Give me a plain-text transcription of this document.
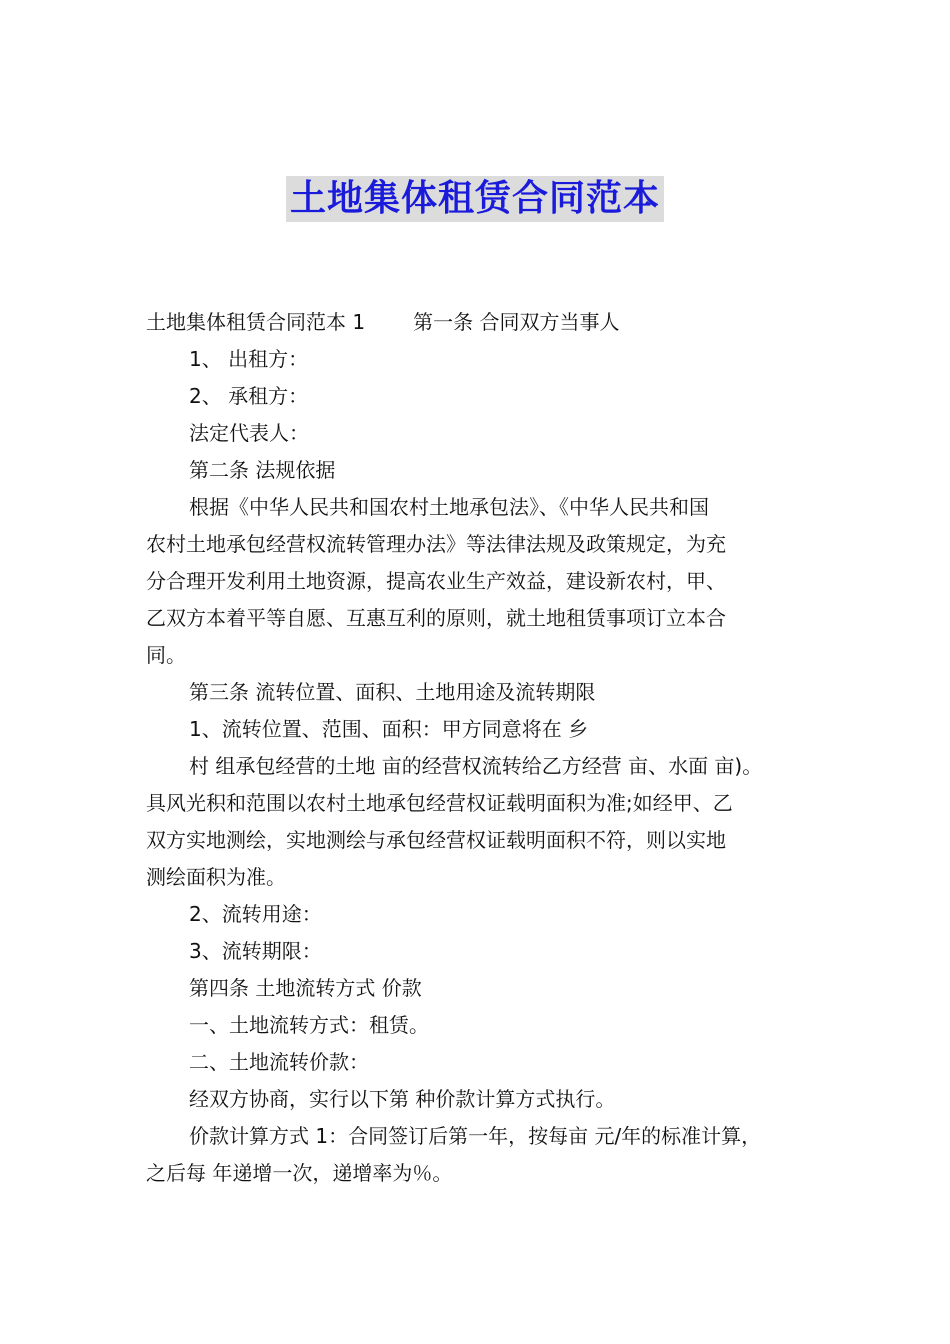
土地集体租赁合同范本
土地集体租赁合同范本 1 第一条 合同双方当事人
1、 出租方：
2、 承租方：
法定代表人：
第二条 法规依据
根据《中华人民共和国农村土地承包法》、《中华人民共和国
农村土地承包经营权流转管理办法》等法律法规及政策规定，为充
分合理开发利用土地资源，提高农业生产效益，建设新农村，甲、
乙双方本着平等自愿、互惠互利的原则，就土地租赁事项订立本合
同。
第三条 流转位置、面积、土地用途及流转期限
1、流转位置、范围、面积：甲方同意将在 乡
村 组承包经营的土地 亩的经营权流转给乙方经营 亩、水面 亩)。
具风光积和范围以农村土地承包经营权证载明面积为准;如经甲、乙
双方实地测绘，实地测绘与承包经营权证载明面积不符，则以实地
测绘面积为准。
2、流转用途：
3、流转期限：
第四条 土地流转方式 价款
一、土地流转方式：租赁。
二、土地流转价款：
经双方协商，实行以下第 种价款计算方式执行。
价款计算方式 1：合同签订后第一年，按每亩 元/年的标准计算，
之后每 年递增一次，递增率为％。
